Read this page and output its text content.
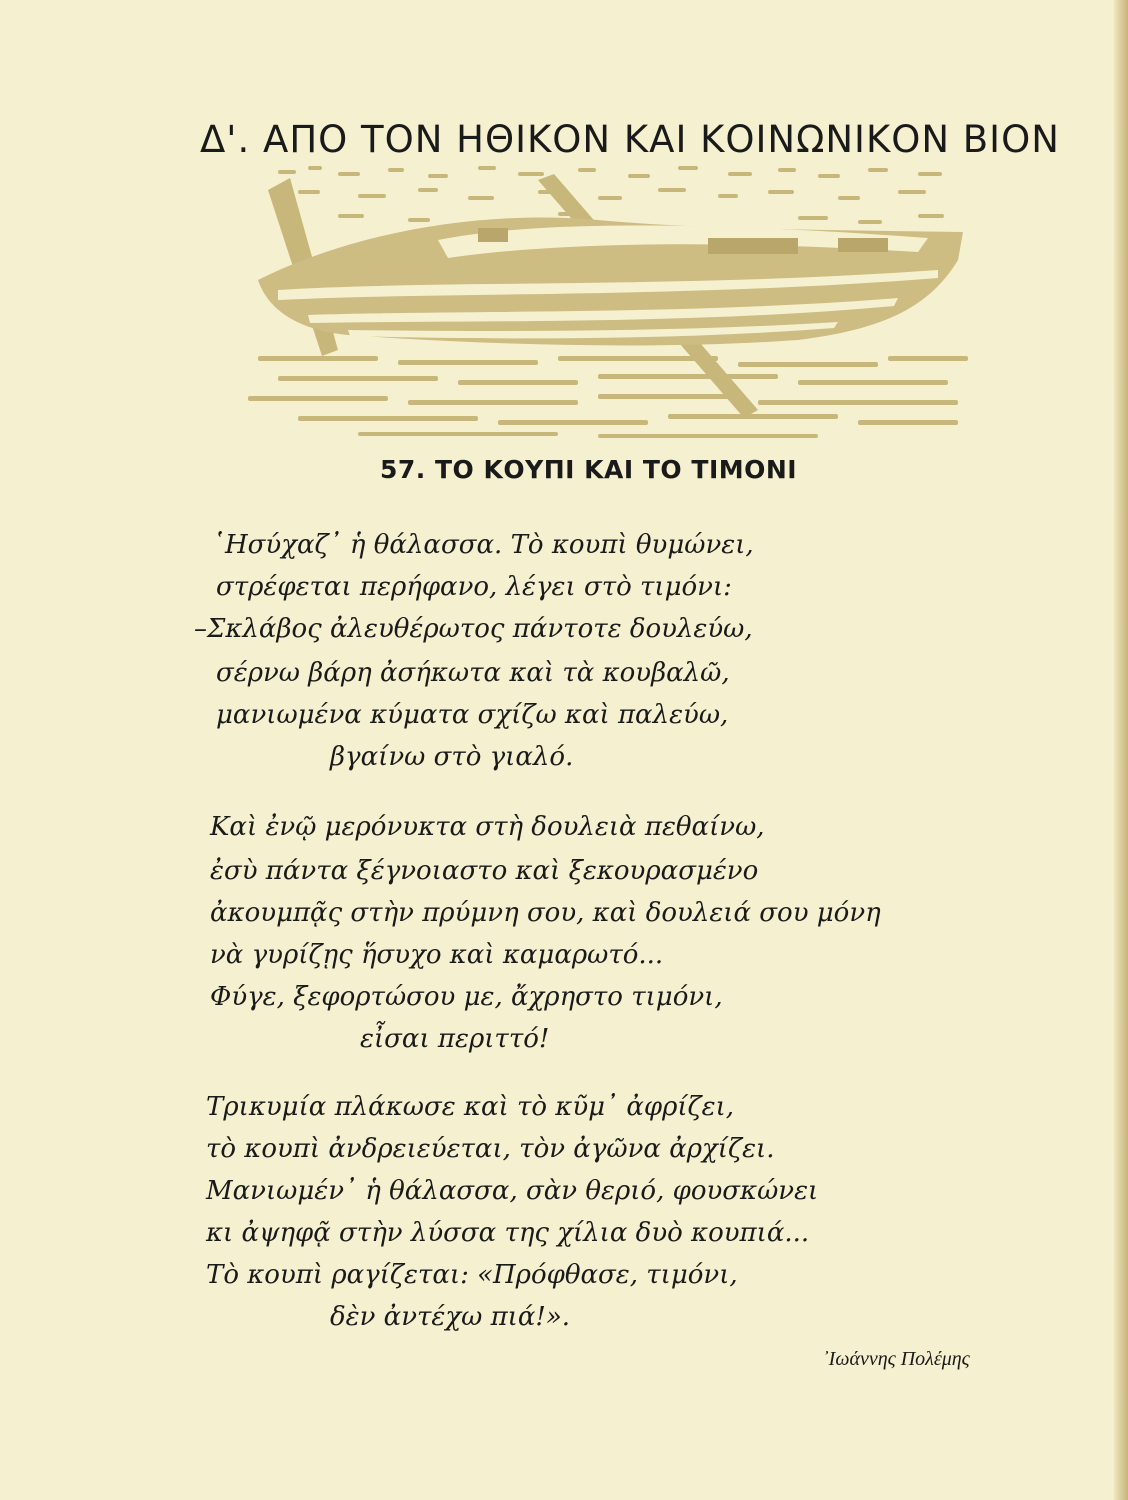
Δ'. ΑΠΟ ΤΟΝ ΗΘΙΚΟΝ ΚΑΙ ΚΟΙΝΩΝΙΚΟΝ ΒΙΟΝ
57. ΤΟ ΚΟΥΠΙ ΚΑΙ ΤΟ ΤΙΜΟΝΙ
῾Ησύχαζ᾽ ἡ θάλασσα. Τὸ κουπὶ θυμώνει,
στρέφεται περήφανο, λέγει στὸ τιμόνι:
–Σκλάβος ἀλευθέρωτος πάντοτε δουλεύω,
σέρνω βάρη ἀσήκωτα καὶ τὰ κουβαλῶ,
μανιωμένα κύματα σχίζω καὶ παλεύω,
βγαίνω στὸ γιαλό.
Καὶ ἐνῷ μερόνυκτα στὴ δουλειὰ πεθαίνω,
ἐσὺ πάντα ξέγνοιαστο καὶ ξεκουρασμένο
ἀκουμπᾷς στὴν πρύμνη σου, καὶ δουλειά σου μόνη
νὰ γυρίζῃς ἥσυχο καὶ καμαρωτό...
Φύγε, ξεφορτώσου με, ἄχρηστο τιμόνι,
εἶσαι περιττό!
Τρικυμία πλάκωσε καὶ τὸ κῦμ᾽ ἀφρίζει,
τὸ κουπὶ ἀνδρειεύεται, τὸν ἀγῶνα ἀρχίζει.
Μανιωμέν᾽ ἡ θάλασσα, σὰν θεριό, φουσκώνει
κι ἀψηφᾷ στὴν λύσσα της χίλια δυὸ κουπιά...
Τὸ κουπὶ ραγίζεται: «Πρόφθασε, τιμόνι,
δὲν ἀντέχω πιά!».
᾽Ιωάννης Πολέμης
